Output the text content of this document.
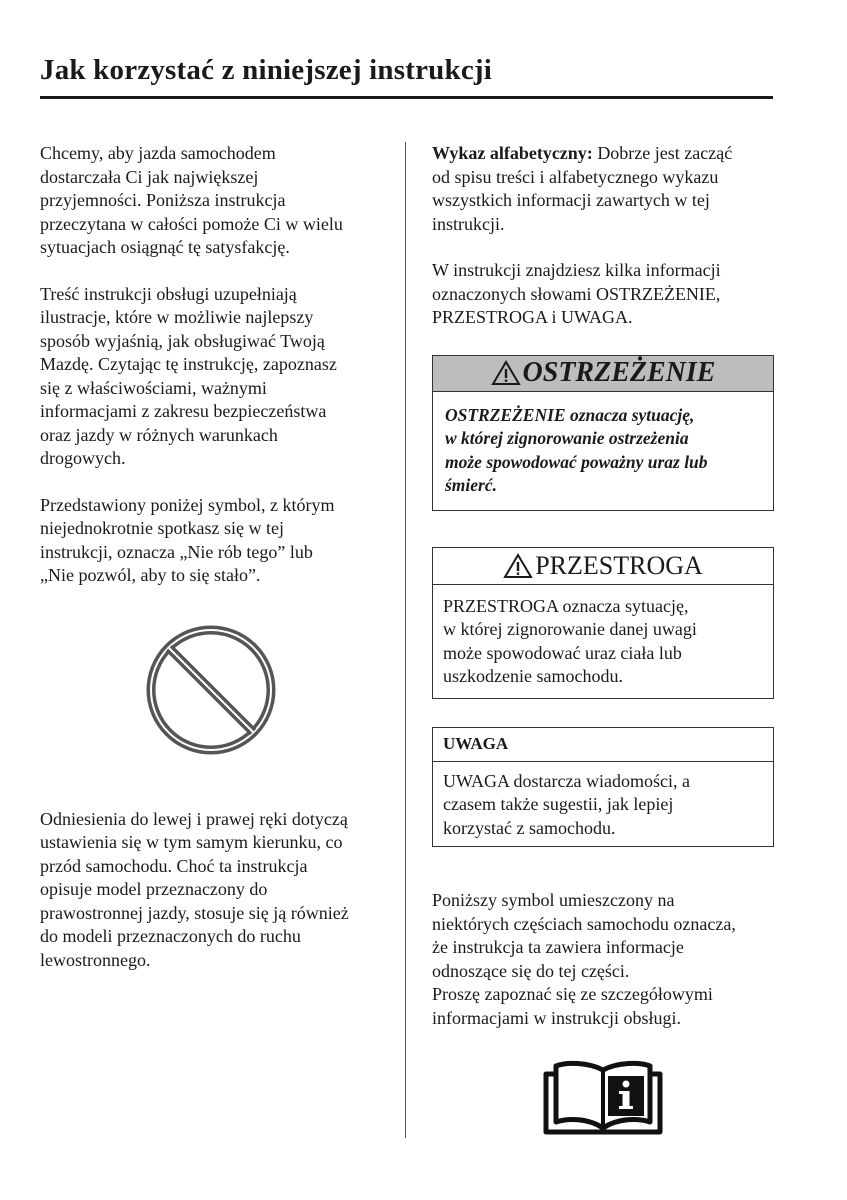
Jak korzystać z niniejszej instrukcji

Chcemy, aby jazda samochodem
dostarczała Ci jak największej
przyjemności. Poniższa instrukcja
przeczytana w całości pomoże Ci w wielu
sytuacjach osiągnąć tę satysfakcję.

Treść instrukcji obsługi uzupełniają
ilustracje, które w możliwie najlepszy
sposób wyjaśnią, jak obsługiwać Twoją
Mazdę. Czytając tę instrukcję, zapoznasz
się z właściwościami, ważnymi
informacjami z zakresu bezpieczeństwa
oraz jazdy w różnych warunkach
drogowych.

Przedstawiony poniżej symbol, z którym
niejednokrotnie spotkasz się w tej
instrukcji, oznacza „Nie rób tego” lub
„Nie pozwól, aby to się stało”.

Odniesienia do lewej i prawej ręki dotyczą
ustawienia się w tym samym kierunku, co
przód samochodu. Choć ta instrukcja
opisuje model przeznaczony do
prawostronnej jazdy, stosuje się ją również
do modeli przeznaczonych do ruchu
lewostronnego.

Wykaz alfabetyczny: Dobrze jest zacząć
od spisu treści i alfabetycznego wykazu
wszystkich informacji zawartych w tej
instrukcji.

W instrukcji znajdziesz kilka informacji
oznaczonych słowami OSTRZEŻENIE,
PRZESTROGA i UWAGA.

OSTRZEŻENIE
OSTRZEŻENIE oznacza sytuację,
w której zignorowanie ostrzeżenia
może spowodować poważny uraz lub
śmierć.
PRZESTROGA
PRZESTROGA oznacza sytuację,
w której zignorowanie danej uwagi
może spowodować uraz ciała lub
uszkodzenie samochodu.
UWAGA
UWAGA dostarcza wiadomości, a
czasem także sugestii, jak lepiej
korzystać z samochodu.

Poniższy symbol umieszczony na
niektórych częściach samochodu oznacza,
że instrukcja ta zawiera informacje
odnoszące się do tej części.
Proszę zapoznać się ze szczegółowymi
informacjami w instrukcji obsługi.
